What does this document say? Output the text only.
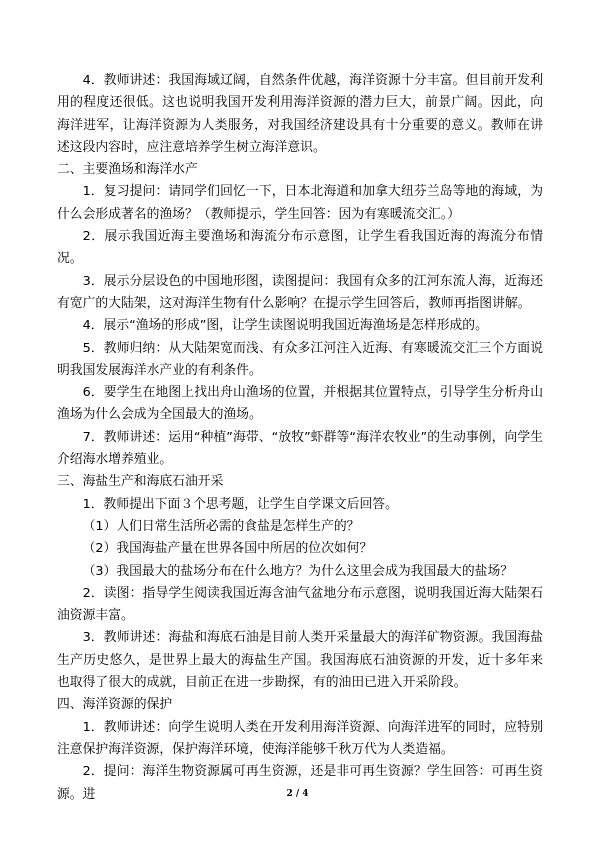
4．教师讲述：我国海域辽阔，自然条件优越，海洋资源十分丰富。但目前开发利用的程度还很低。这也说明我国开发利用海洋资源的潜力巨大，前景广阔。因此，向海洋进军，让海洋资源为人类服务，对我国经济建设具有十分重要的意义。教师在讲述这段内容时，应注意培养学生树立海洋意识。

二、主要渔场和海洋水产

1．复习提问：请同学们回忆一下，日本北海道和加拿大纽芬兰岛等地的海域，为什么会形成著名的渔场？（教师提示，学生回答：因为有寒暖流交汇。）

2．展示我国近海主要渔场和海流分布示意图，让学生看我国近海的海流分布情况。

3．展示分层设色的中国地形图，读图提问：我国有众多的江河东流人海，近海还有宽广的大陆架，这对海洋生物有什么影响？在提示学生回答后，教师再指图讲解。

4．展示“渔场的形成”图，让学生读图说明我国近海渔场是怎样形成的。

5．教师归纳：从大陆架宽而浅、有众多江河注入近海、有寒暖流交汇三个方面说明我国发展海洋水产业的有利条件。

6．要学生在地图上找出舟山渔场的位置，并根据其位置特点，引导学生分析舟山渔场为什么会成为全国最大的渔场。

7．教师讲述：运用“种植”海带、“放牧”虾群等“海洋农牧业”的生动事例，向学生介绍海水增养殖业。

三、海盐生产和海底石油开采

1．教师提出下面３个思考题，让学生自学课文后回答。

（1）人们日常生活所必需的食盐是怎样生产的？

（2）我国海盐产量在世界各国中所居的位次如何？

（3）我国最大的盐场分布在什么地方？为什么这里会成为我国最大的盐场？

2．读图：指导学生阅读我国近海含油气盆地分布示意图，说明我国近海大陆架石油资源丰富。

3．教师讲述：海盐和海底石油是目前人类开采量最大的海洋矿物资源。我国海盐生产历史悠久，是世界上最大的海盐生产国。我国海底石油资源的开发，近十多年来也取得了很大的成就，目前正在进一步勘探，有的油田已进入开采阶段。

四、海洋资源的保护

1．教师讲述：向学生说明人类在开发利用海洋资源、向海洋进军的同时，应特别注意保护海洋资源，保护海洋环境，使海洋能够千秋万代为人类造福。

2．提问：海洋生物资源属可再生资源，还是非可再生资源？学生回答：可再生资源。进	2 / 4
